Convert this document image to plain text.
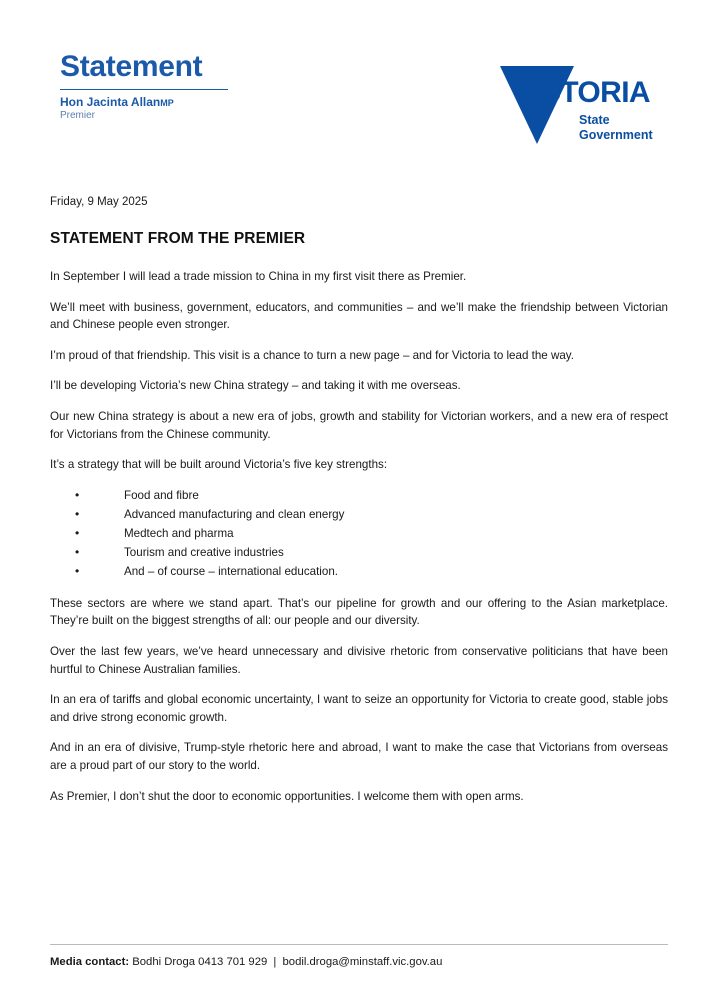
Statement
Hon Jacinta AllanMP
Premier
VICTORIA
State
Government
Friday, 9 May 2025
STATEMENT FROM THE PREMIER

In September I will lead a trade mission to China in my first visit there as Premier.

We’ll meet with business, government, educators, and communities – and we’ll make the friendship between Victorian and Chinese people even stronger.

I’m proud of that friendship. This visit is a chance to turn a new page – and for Victoria to lead the way.

I’ll be developing Victoria’s new China strategy – and taking it with me overseas.

Our new China strategy is about a new era of jobs, growth and stability for Victorian workers, and a new era of respect for Victorians from the Chinese community.

It’s a strategy that will be built around Victoria’s five key strengths:

• Food and fibre
• Advanced manufacturing and clean energy
• Medtech and pharma
• Tourism and creative industries
• And – of course – international education.

These sectors are where we stand apart. That’s our pipeline for growth and our offering to the Asian marketplace. They’re built on the biggest strengths of all: our people and our diversity.

Over the last few years, we’ve heard unnecessary and divisive rhetoric from conservative politicians that have been hurtful to Chinese Australian families.

In an era of tariffs and global economic uncertainty, I want to seize an opportunity for Victoria to create good, stable jobs and drive strong economic growth.

And in an era of divisive, Trump-style rhetoric here and abroad, I want to make the case that Victorians from overseas are a proud part of our story to the world.

As Premier, I don’t shut the door to economic opportunities. I welcome them with open arms.

Media contact: Bodhi Droga 0413 701 929 | bodil.droga@minstaff.vic.gov.au
